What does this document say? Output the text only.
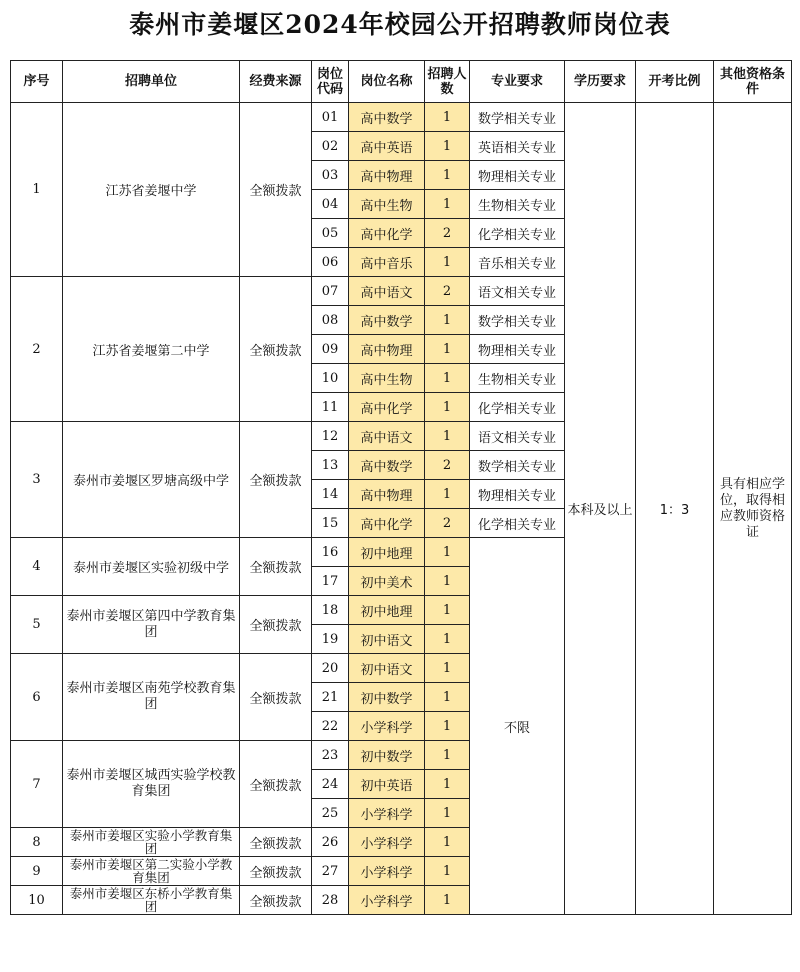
泰州市姜堰区2024年校园公开招聘教师岗位表
序号	招聘单位	经费来源	岗位代码	岗位名称	招聘人数	专业要求	学历要求	开考比例	其他资格条件
1	江苏省姜堰中学	全额拨款	01	高中数学	1	数学相关专业	本科及以上	1：3	具有相应学位，取得相应教师资格证
			02	高中英语	1	英语相关专业			
			03	高中物理	1	物理相关专业			
			04	高中生物	1	生物相关专业			
			05	高中化学	2	化学相关专业			
			06	高中音乐	1	音乐相关专业			
2	江苏省姜堰第二中学	全额拨款	07	高中语文	2	语文相关专业			
			08	高中数学	1	数学相关专业			
			09	高中物理	1	物理相关专业			
			10	高中生物	1	生物相关专业			
			11	高中化学	1	化学相关专业			
3	泰州市姜堰区罗塘高级中学	全额拨款	12	高中语文	1	语文相关专业			
			13	高中数学	2	数学相关专业			
			14	高中物理	1	物理相关专业			
			15	高中化学	2	化学相关专业			
4	泰州市姜堰区实验初级中学	全额拨款	16	初中地理	1	不限			
			17	初中美术	1				
5	泰州市姜堰区第四中学教育集团	全额拨款	18	初中地理	1				
			19	初中语文	1				
6	泰州市姜堰区南苑学校教育集团	全额拨款	20	初中语文	1				
			21	初中数学	1				
			22	小学科学	1				
7	泰州市姜堰区城西实验学校教育集团	全额拨款	23	初中数学	1				
			24	初中英语	1				
			25	小学科学	1				
8	泰州市姜堰区实验小学教育集团	全额拨款	26	小学科学	1				
9	泰州市姜堰区第二实验小学教育集团	全额拨款	27	小学科学	1				
10	泰州市姜堰区东桥小学教育集团	全额拨款	28	小学科学	1				
